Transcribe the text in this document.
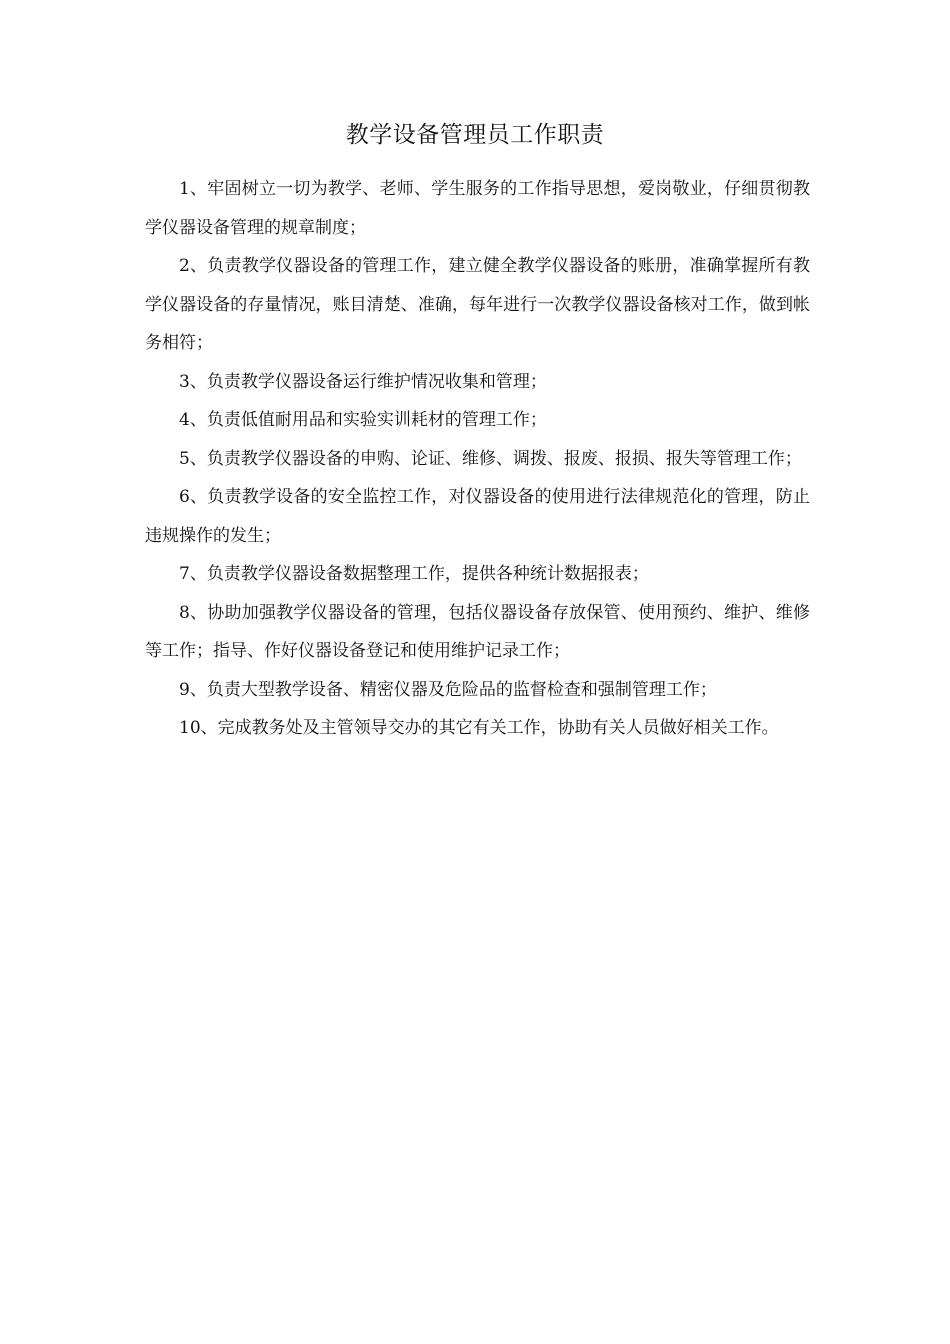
教学设备管理员工作职责

1、牢固树立一切为教学、老师、学生服务的工作指导思想，爱岗敬业，仔细贯彻教学仪器设备管理的规章制度；

2、负责教学仪器设备的管理工作，建立健全教学仪器设备的账册，准确掌握所有教学仪器设备的存量情况，账目清楚、准确，每年进行一次教学仪器设备核对工作，做到帐务相符；

3、负责教学仪器设备运行维护情况收集和管理；

4、负责低值耐用品和实验实训耗材的管理工作；

5、负责教学仪器设备的申购、论证、维修、调拨、报废、报损、报失等管理工作；

6、负责教学设备的安全监控工作，对仪器设备的使用进行法律规范化的管理，防止违规操作的发生；

7、负责教学仪器设备数据整理工作，提供各种统计数据报表；

8、协助加强教学仪器设备的管理，包括仪器设备存放保管、使用预约、维护、维修等工作；指导、作好仪器设备登记和使用维护记录工作；

9、负责大型教学设备、精密仪器及危险品的监督检查和强制管理工作；

10、完成教务处及主管领导交办的其它有关工作，协助有关人员做好相关工作。
